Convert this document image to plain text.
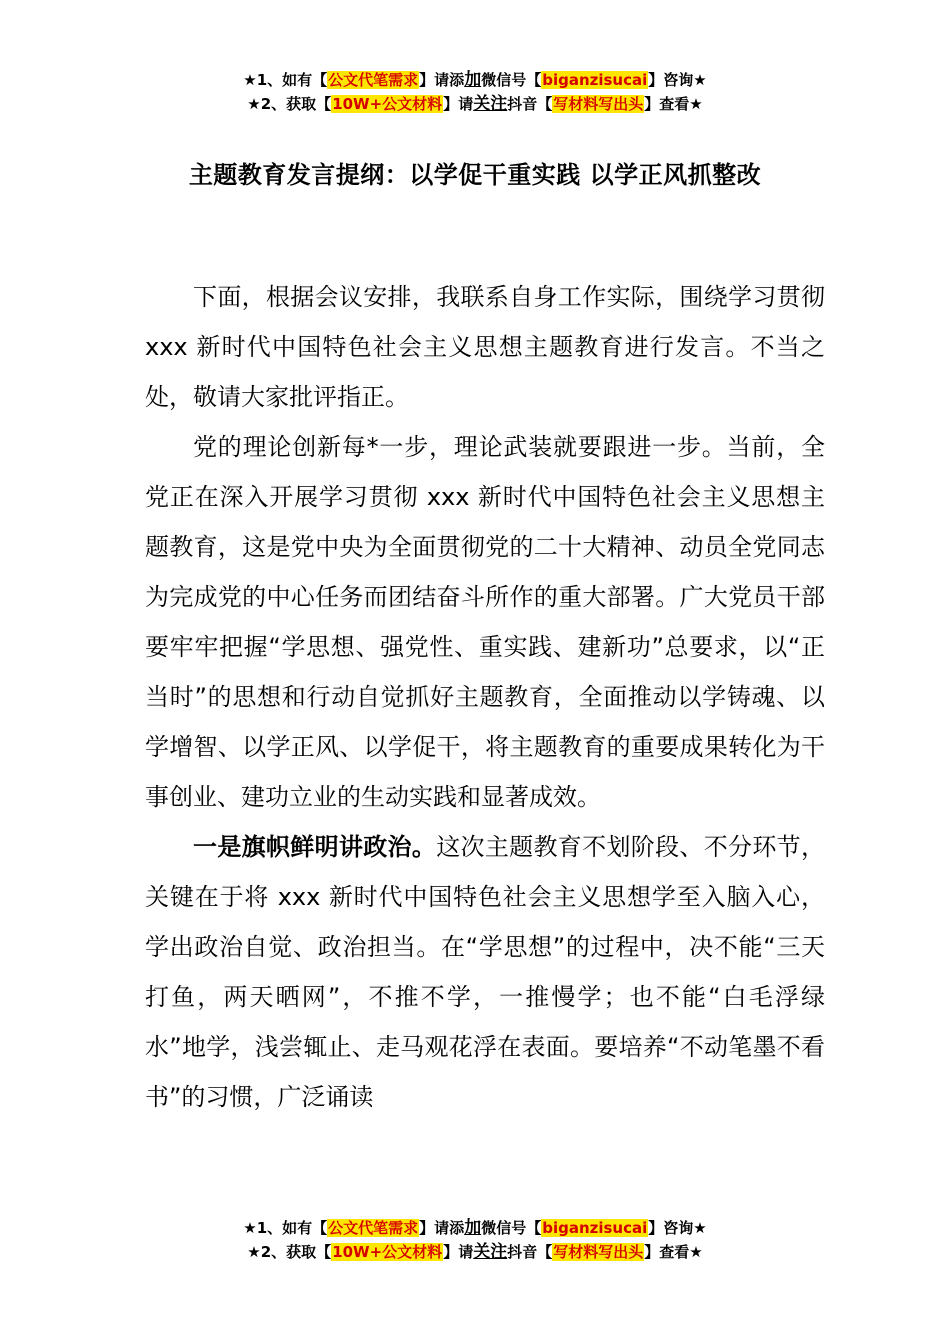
★1、如有【公文代笔需求】请添加微信号【biganzisucai】咨询★
★2、获取【10W+公文材料】请关注抖音【写材料写出头】查看★
主题教育发言提纲：以学促干重实践 以学正风抓整改

下面，根据会议安排，我联系自身工作实际，围绕学习贯彻 xxx 新时代中国特色社会主义思想主题教育进行发言。不当之处，敬请大家批评指正。

党的理论创新每*一步，理论武装就要跟进一步。当前，全党正在深入开展学习贯彻 xxx 新时代中国特色社会主义思想主题教育，这是党中央为全面贯彻党的二十大精神、动员全党同志为完成党的中心任务而团结奋斗所作的重大部署。广大党员干部要牢牢把握“学思想、强党性、重实践、建新功”总要求，以“正当时”的思想和行动自觉抓好主题教育，全面推动以学铸魂、以学增智、以学正风、以学促干，将主题教育的重要成果转化为干事创业、建功立业的生动实践和显著成效。

一是旗帜鲜明讲政治。这次主题教育不划阶段、不分环节，关键在于将 xxx 新时代中国特色社会主义思想学至入脑入心，学出政治自觉、政治担当。在“学思想”的过程中，决不能“三天打鱼，两天晒网”，不推不学，一推慢学；也不能“白毛浮绿水”地学，浅尝辄止、走马观花浮在表面。要培养“不动笔墨不看书”的习惯，广泛诵读

★1、如有【公文代笔需求】请添加微信号【biganzisucai】咨询★
★2、获取【10W+公文材料】请关注抖音【写材料写出头】查看★
